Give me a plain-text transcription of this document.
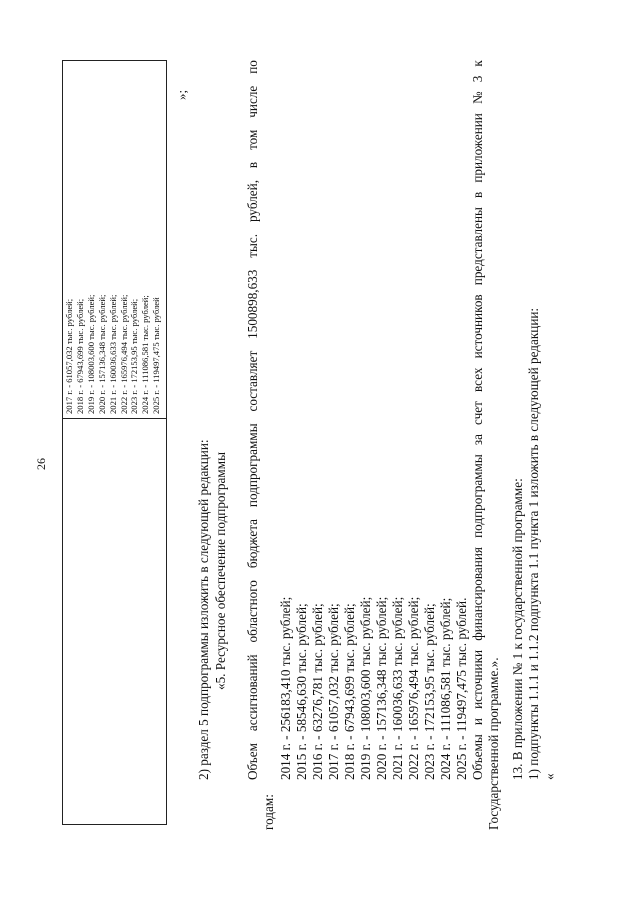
26
2017 г. - 61057,032 тыс. рублей; 2018 г. - 67943,699 тыс. рублей; 2019 г. - 108003,600 тыс. рублей; 2020 г. - 157136,348 тыс. рублей; 2021 г. - 160036,633 тыс. рублей; 2022 г. - 165976,494 тыс. рублей; 2023 г. - 172153,95 тыс. рублей; 2024 г. - 111086,581 тыс. рублей; 2025 г. - 119497,475 тыс. рублей
»;
2) раздел 5 подпрограммы изложить в следующей редакции: «5. Ресурсное обеспечение подпрограммы
Объем
ассигнований
областного
бюджета
подпрограммы
составляет
1500898,633
тыс.
рублей,
в
том
числе
по
годам:
2014 г. - 256183,410 тыс. рублей; 2015 г. - 58546,630 тыс. рублей; 2016 г. - 63276,781 тыс. рублей; 2017 г. - 61057,032 тыс. рублей; 2018 г. - 67943,699 тыс. рублей; 2019 г. - 108003,600 тыс. рублей; 2020 г. - 157136,348 тыс. рублей; 2021 г. - 160036,633 тыс. рублей; 2022 г. - 165976,494 тыс. рублей; 2023 г. - 172153,95 тыс. рублей; 2024 г. - 111086,581 тыс. рублей; 2025 г. - 119497,475 тыс. рублей. Объемы
и
источники
финансирования
подпрограммы
за
счет
всех
источников
представлены
в
приложении
№
3
к
Государственной программе.». 13. В приложении № 1 к государственной программе: 1) подпункты 1.1.1 и 1.1.2 подпункта 1.1 пункта 1 изложить в следующей редакции: «
